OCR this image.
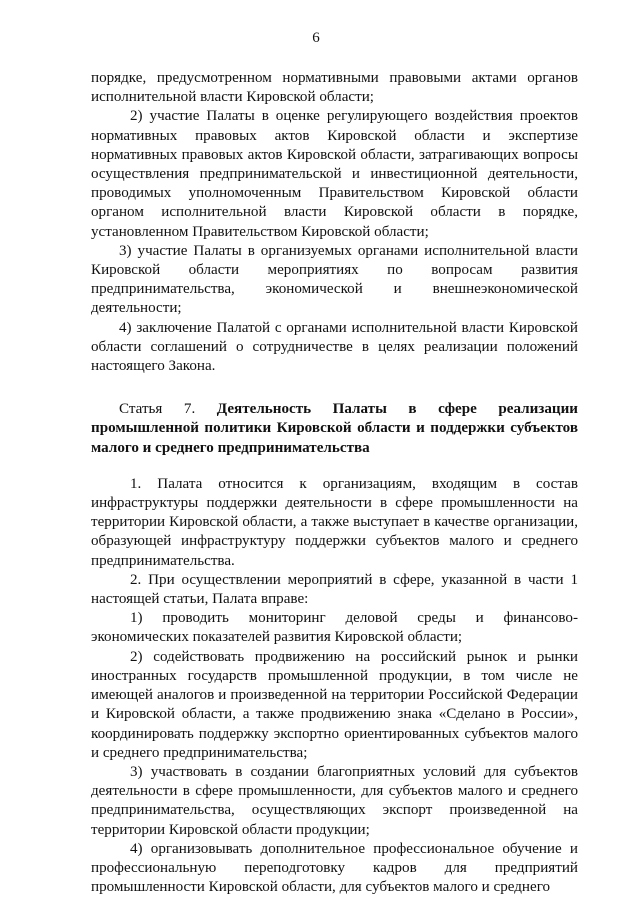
6

порядке, предусмотренном нормативными правовыми актами органов исполнительной власти Кировской области;

2) участие Палаты в оценке регулирующего воздействия проектов нормативных правовых актов Кировской области и экспертизе нормативных правовых актов Кировской области, затрагивающих вопросы осуществления предпринимательской и инвестиционной деятельности, проводимых уполномоченным Правительством Кировской области органом исполнительной власти Кировской области в порядке, установленном Правительством Кировской области;

3) участие Палаты в организуемых органами исполнительной власти Кировской области мероприятиях по вопросам развития предпринимательства, экономической и внешнеэкономической деятельности;

4) заключение Палатой с органами исполнительной власти Кировской области соглашений о сотрудничестве в целях реализации положений настоящего Закона.

Статья 7. Деятельность Палаты в сфере реализации промышленной политики Кировской области и поддержки субъектов малого и среднего предпринимательства

1. Палата относится к организациям, входящим в состав инфраструктуры поддержки деятельности в сфере промышленности на территории Кировской области, а также выступает в качестве организации, образующей инфраструктуру поддержки субъектов малого и среднего предпринимательства.

2. При осуществлении мероприятий в сфере, указанной в части 1 настоящей статьи, Палата вправе:

1) проводить мониторинг деловой среды и финансово-экономических показателей развития Кировской области;

2) содействовать продвижению на российский рынок и рынки иностранных государств промышленной продукции, в том числе не имеющей аналогов и произведенной на территории Российской Федерации и Кировской области, а также продвижению знака «Сделано в России», координировать поддержку экспортно ориентированных субъектов малого и среднего предпринимательства;

3) участвовать в создании благоприятных условий для субъектов деятельности в сфере промышленности, для субъектов малого и среднего предпринимательства, осуществляющих экспорт произведенной на территории Кировской области продукции;

4) организовывать дополнительное профессиональное обучение и профессиональную переподготовку кадров для предприятий промышленности Кировской области, для субъектов малого и среднего
